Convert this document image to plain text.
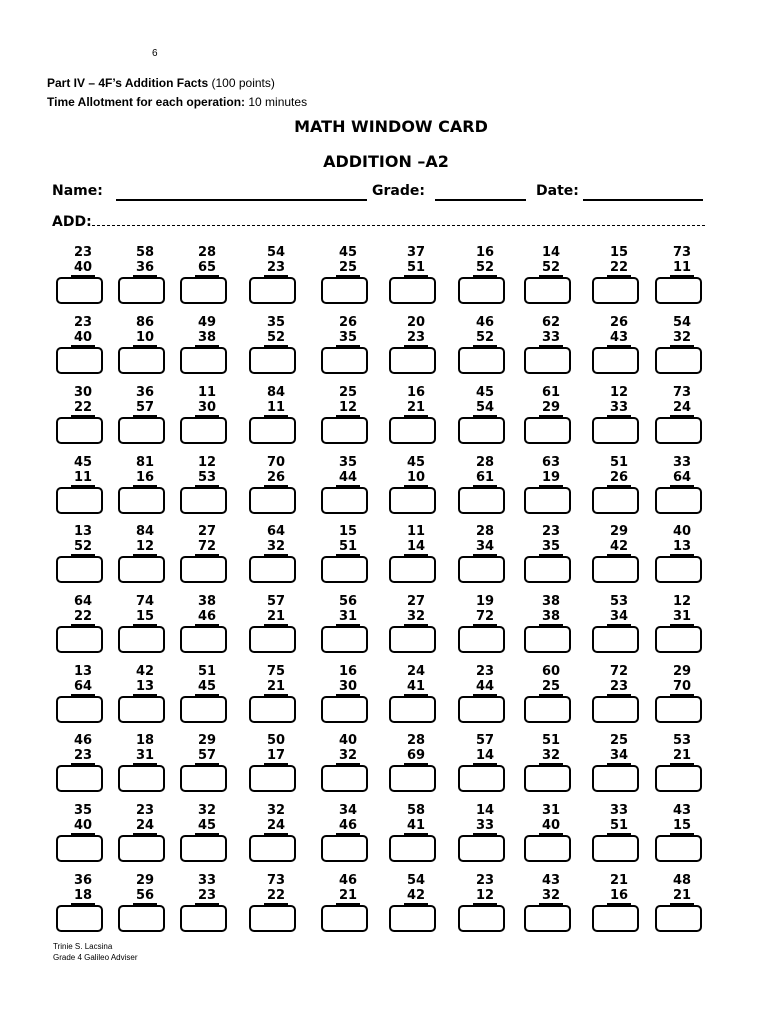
6
Part IV – 4F’s Addition Facts (100 points)
Time Allotment for each operation: 10 minutes
MATH WINDOW CARD
ADDITION –A2
Name:	Grade:	Date:
ADD:
23
40
58
36
28
65
54
23
45
25
37
51
16
52
14
52
15
22
73
11
23
40
86
10
49
38
35
52
26
35
20
23
46
52
62
33
26
43
54
32
30
22
36
57
11
30
84
11
25
12
16
21
45
54
61
29
12
33
73
24
45
11
81
16
12
53
70
26
35
44
45
10
28
61
63
19
51
26
33
64
13
52
84
12
27
72
64
32
15
51
11
14
28
34
23
35
29
42
40
13
64
22
74
15
38
46
57
21
56
31
27
32
19
72
38
38
53
34
12
31
13
64
42
13
51
45
75
21
16
30
24
41
23
44
60
25
72
23
29
70
46
23
18
31
29
57
50
17
40
32
28
69
57
14
51
32
25
34
53
21
35
40
23
24
32
45
32
24
34
46
58
41
14
33
31
40
33
51
43
15
36
18
29
56
33
23
73
22
46
21
54
42
23
12
43
32
21
16
48
21
Trinie S. Lacsina
Grade 4 Galileo Adviser
